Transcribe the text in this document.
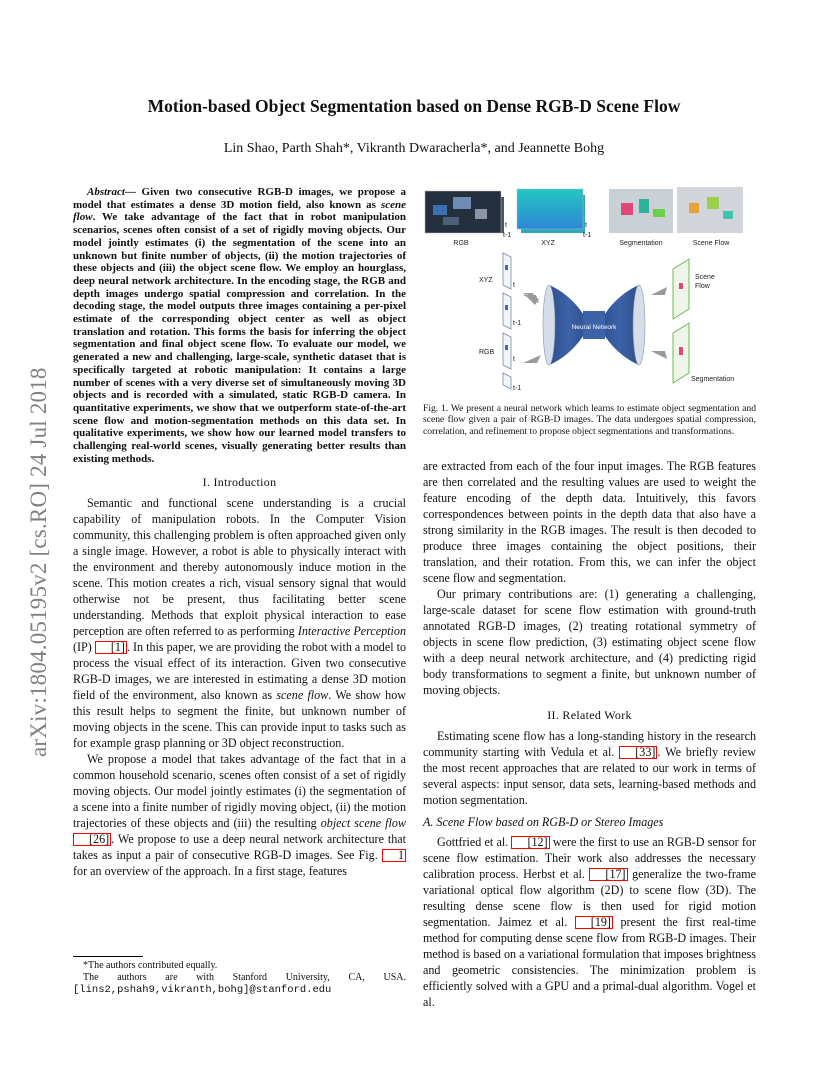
Motion-based Object Segmentation based on Dense RGB-D Scene Flow
Lin Shao, Parth Shah*, Vikranth Dwaracherla*, and Jeannette Bohg
arXiv:1804.05195v2 [cs.RO] 24 Jul 2018

Abstract— Given two consecutive RGB-D images, we propose a model that estimates a dense 3D motion field, also known as scene flow. We take advantage of the fact that in robot manipulation scenarios, scenes often consist of a set of rigidly moving objects. Our model jointly estimates (i) the segmentation of the scene into an unknown but finite number of objects, (ii) the motion trajectories of these objects and (iii) the object scene flow. We employ an hourglass, deep neural network architecture. In the encoding stage, the RGB and depth images undergo spatial compression and correlation. In the decoding stage, the model outputs three images containing a per-pixel estimate of the corresponding object center as well as object translation and rotation. This forms the basis for inferring the object segmentation and final object scene flow. To evaluate our model, we generated a new and challenging, large-scale, synthetic dataset that is specifically targeted at robotic manipulation: It contains a large number of scenes with a very diverse set of simultaneously moving 3D objects and is recorded with a simulated, static RGB-D camera. In quantitative experiments, we show that we outperform state-of-the-art scene flow and motion-segmentation methods on this data set. In qualitative experiments, we show how our learned model transfers to challenging real-world scenes, visually generating better results than existing methods.

I. Introduction

Semantic and functional scene understanding is a crucial capability of manipulation robots. In the Computer Vision community, this challenging problem is often approached given only a single image. However, a robot is able to physically interact with the environment and thereby autonomously induce motion in the scene. This motion creates a rich, visual sensory signal that would otherwise not be present, thus facilitating better scene understanding. Methods that exploit physical interaction to ease perception are often referred to as performing Interactive Perception (IP) [1] . In this paper, we are providing the robot with a model to process the visual effect of its interaction. Given two consecutive RGB-D images, we are interested in estimating a dense 3D motion field of the environment, also known as scene flow. We show how this result helps to segment the finite, but unknown number of moving objects in the scene. This can provide input to tasks such as for example grasp planning or 3D object reconstruction.

We propose a model that takes advantage of the fact that in a common household scenario, scenes often consist of a set of rigidly moving objects. Our model jointly estimates (i) the segmentation of a scene into a finite number of rigidly moving object, (ii) the motion trajectories of these objects and (iii) the resulting object scene flow [26] . We propose to use a deep neural network architecture that takes as input a pair of consecutive RGB-D images. See Fig. 1 for an overview of the approach. In a first stage, features

*The authors contributed equally.
The authors are with Stanford University, CA, USA.
[lins2,pshah9,vikranth,bohg]@stanford.edu
t
t-1
RGB
t
t-1
XYZ	Segmentation	Scene Flow
XYZ
RGB
t
t-1
t
t-1
Neural Network
Scene
Flow
Segmentation
Fig. 1. We present a neural network which learns to estimate object segmentation and scene flow given a pair of RGB-D images. The data undergoes spatial compression, correlation, and refinement to propose object segmentations and transformations.

are extracted from each of the four input images. The RGB features are then correlated and the resulting values are used to weight the feature encoding of the depth data. Intuitively, this favors correspondences between points in the depth data that also have a strong similarity in the RGB images. The result is then decoded to produce three images containing the object positions, their translation, and their rotation. From this, we can infer the object scene flow and segmentation.

Our primary contributions are: (1) generating a challenging, large-scale dataset for scene flow estimation with ground-truth annotated RGB-D images, (2) treating rotational symmetry of objects in scene flow prediction, (3) estimating object scene flow with a deep neural network architecture, and (4) predicting rigid body transformations to segment a finite, but unknown number of moving objects.

II. Related Work

Estimating scene flow has a long-standing history in the research community starting with Vedula et al. [33] . We briefly review the most recent approaches that are related to our work in terms of several aspects: input sensor, data sets, learning-based methods and motion segmentation.

A. Scene Flow based on RGB-D or Stereo Images

Gottfried et al. [12] were the first to use an RGB-D sensor for scene flow estimation. Their work also addresses the necessary calibration process. Herbst et al. [17] generalize the two-frame variational optical flow algorithm (2D) to scene flow (3D). The resulting dense scene flow is then used for rigid motion segmentation. Jaimez et al. [19] present the first real-time method for computing dense scene flow from RGB-D images. Their method is based on a variational formulation that imposes brightness and geometric consistencies. The minimization problem is efficiently solved with a GPU and a primal-dual algorithm. Vogel et al.
